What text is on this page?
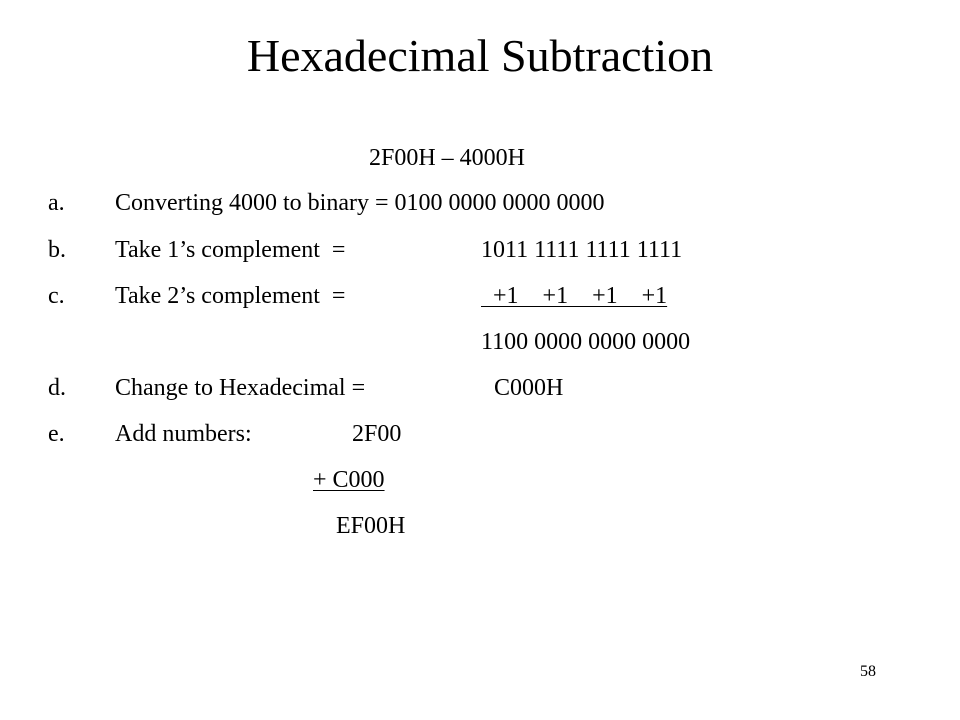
Hexadecimal Subtraction
2F00H – 4000H
a. Converting 4000 to binary = 0100 0000 0000 0000
b. Take 1’s complement  =	1011 1111 1111 1111
c. Take 2’s complement  =	+1    +1    +1    +1
1100 0000 0000 0000
d. Change to Hexadecimal =	C000H
e. Add numbers:	2F00
+ C000
EF00H
58
